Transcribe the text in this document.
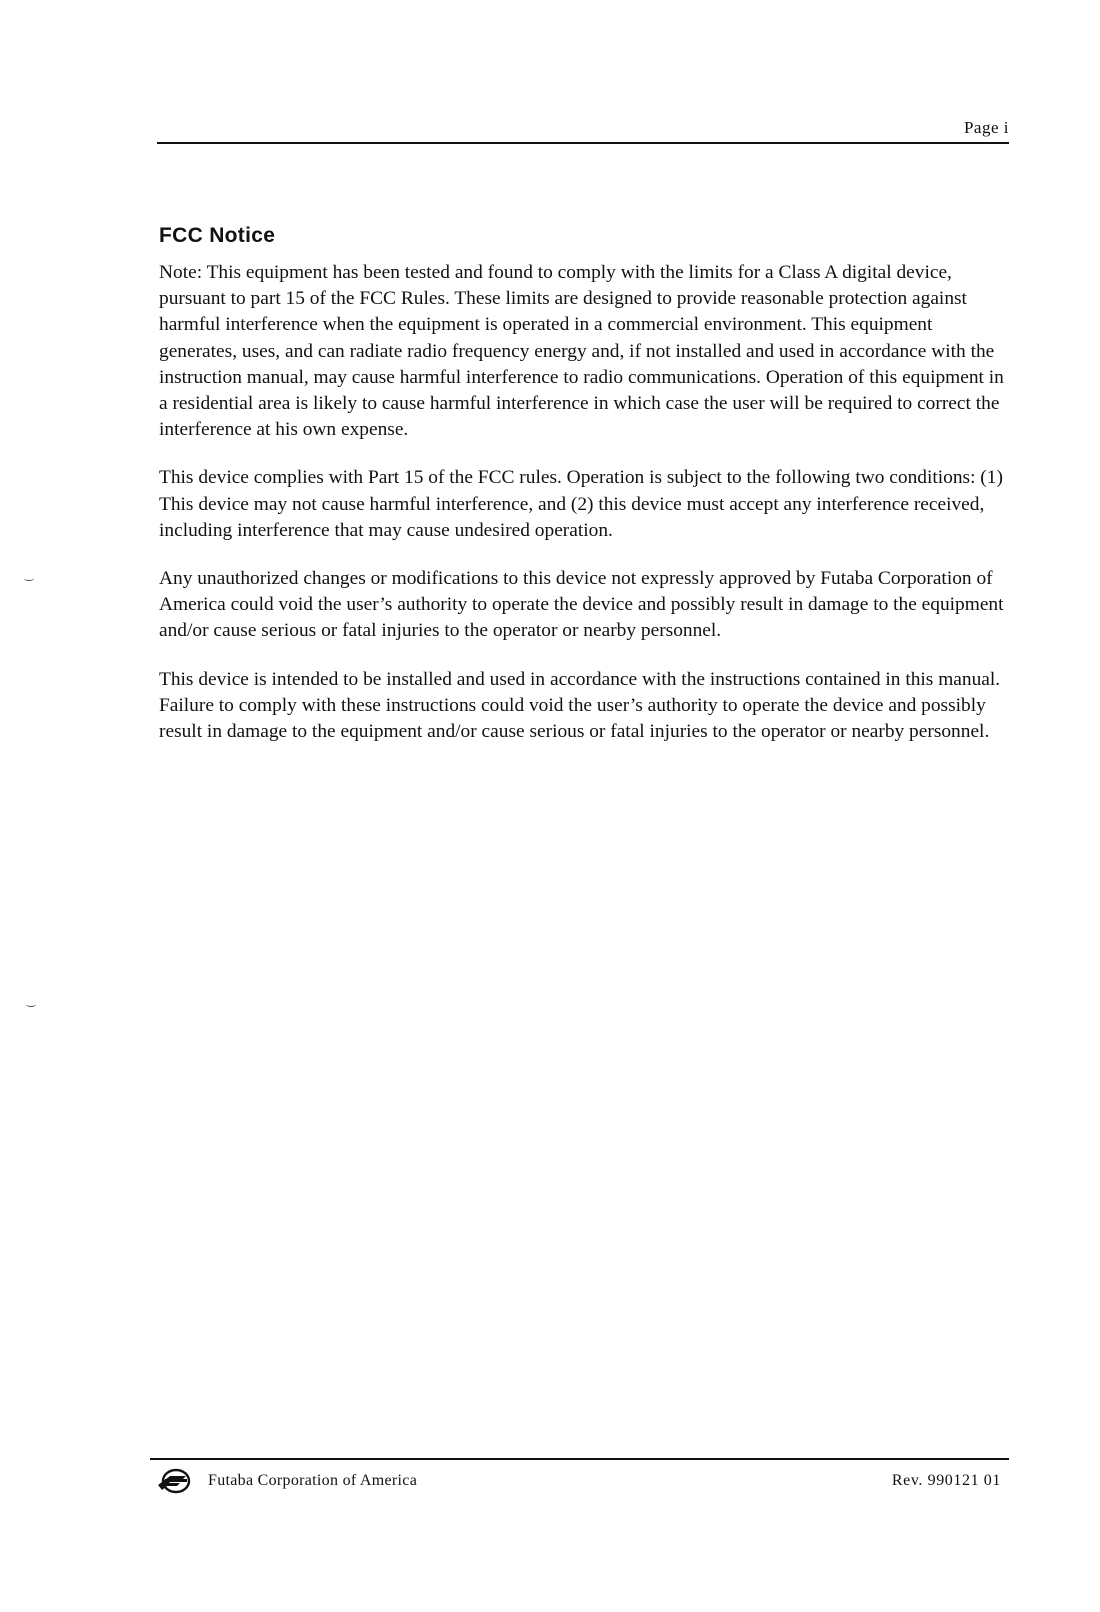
Page i
FCC Notice

Note: This equipment has been tested and found to comply with the limits for a Class A digital device, pursuant to part 15 of the FCC Rules. These limits are designed to provide reasonable protection against harmful interference when the equipment is operated in a commercial environment. This equipment generates, uses, and can radiate radio frequency energy and, if not installed and used in accordance with the instruction manual, may cause harmful interference to radio communications. Operation of this equipment in a residential area is likely to cause harmful interference in which case the user will be required to correct the interference at his own expense.

This device complies with Part 15 of the FCC rules. Operation is subject to the following two conditions: (1) This device may not cause harmful interference, and (2) this device must accept any interference received, including interference that may cause undesired operation.

Any unauthorized changes or modifications to this device not expressly approved by Futaba Corporation of America could void the user’s authority to operate the device and possibly result in damage to the equipment and/or cause serious or fatal injuries to the operator or nearby personnel.

This device is intended to be installed and used in accordance with the instructions contained in this manual. Failure to comply with these instructions could void the user’s authority to operate the device and possibly result in damage to the equipment and/or cause serious or fatal injuries to the operator or nearby personnel.

Futaba Corporation of America	Rev. 990121 01
